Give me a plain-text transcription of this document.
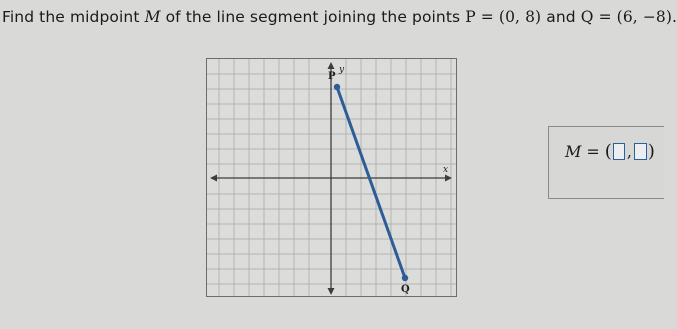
Find the midpoint M of the line segment joining the points P = (0, 8) and Q = (6, −8).
P
Q
x
y
M = ( , )
